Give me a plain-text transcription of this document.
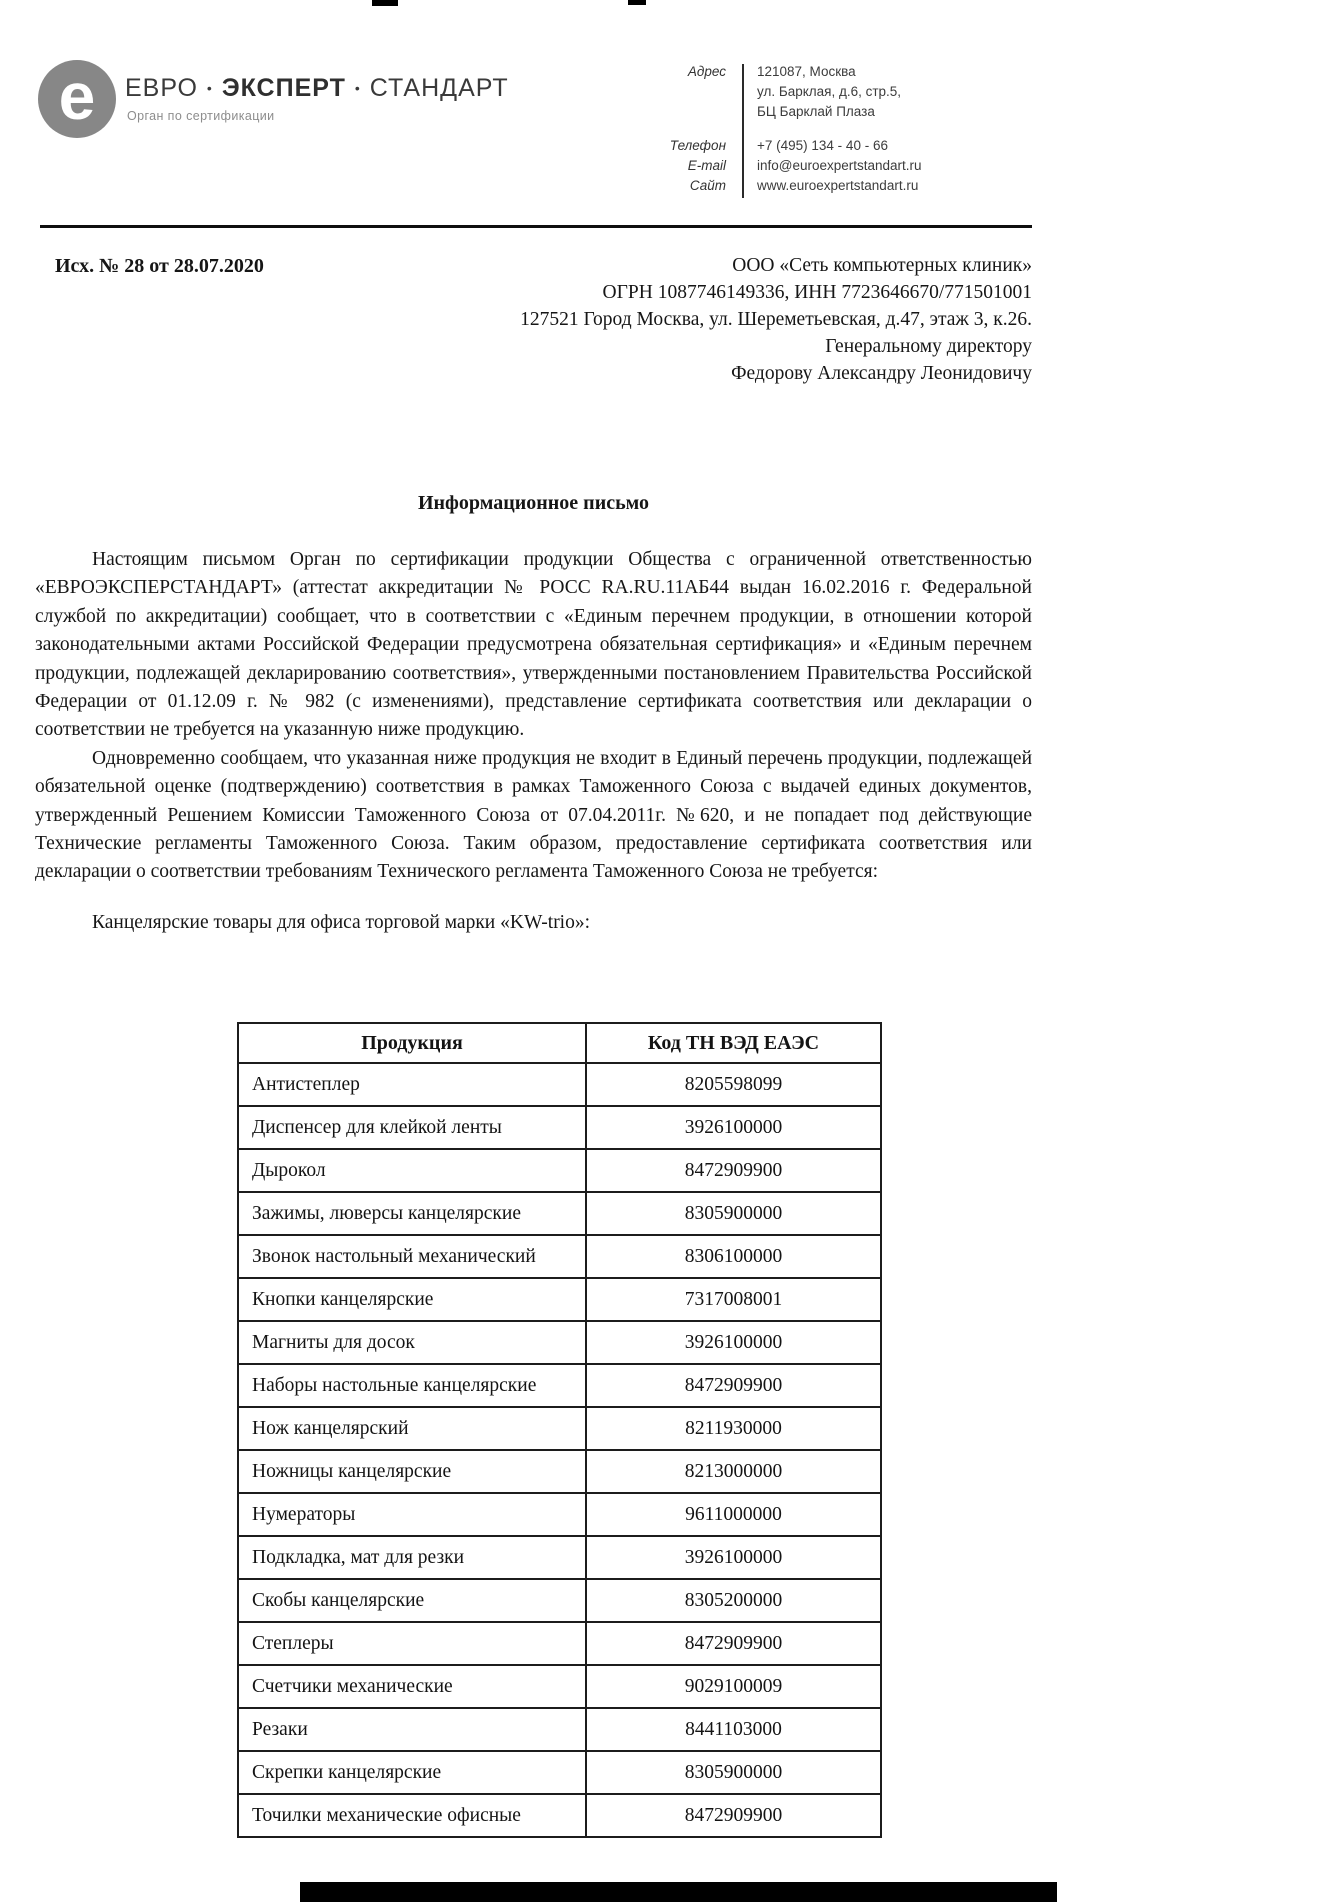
е ЕВРО • ЭКСПЕРТ • СТАНДАРТ
Орган по сертификации
Адрес 121087, Москва
ул. Барклая, д.6, стр.5,
БЦ Барклай Плаза
Телефон +7 (495) 134 - 40 - 66
E-mail info@euroexpertstandart.ru
Сайт www.euroexpertstandart.ru
Исх. № 28 от 28.07.2020	ООО «Сеть компьютерных клиник»
ОГРН 1087746149336, ИНН 7723646670/771501001
127521 Город Москва, ул. Шереметьевская, д.47, этаж 3, к.26.
Генеральному директору
Федорову Александру Леонидовичу
Информационное письмо

Настоящим письмом Орган по сертификации продукции Общества с ограниченной ответственностью «ЕВРОЭКСПЕРСТАНДАРТ» (аттестат аккредитации № РОСС RA.RU.11АБ44 выдан 16.02.2016 г. Федеральной службой по аккредитации) сообщает, что в соответствии с «Единым перечнем продукции, в отношении которой законодательными актами Российской Федерации предусмотрена обязательная сертификация» и «Единым перечнем продукции, подлежащей декларированию соответствия», утвержденными постановлением Правительства Российской Федерации от 01.12.09 г. № 982 (с изменениями), представление сертификата соответствия или декларации о соответствии не требуется на указанную ниже продукцию.

Одновременно сообщаем, что указанная ниже продукция не входит в Единый перечень продукции, подлежащей обязательной оценке (подтверждению) соответствия в рамках Таможенного Союза с выдачей единых документов, утвержденный Решением Комиссии Таможенного Союза от 07.04.2011г. №620, и не попадает под действующие Технические регламенты Таможенного Союза. Таким образом, предоставление сертификата соответствия или декларации о соответствии требованиям Технического регламента Таможенного Союза не требуется:

Канцелярские товары для офиса торговой марки «KW-trio»:

Продукция	Код ТН ВЭД ЕАЭС
Антистеплер	8205598099
Диспенсер для клейкой ленты	3926100000
Дырокол	8472909900
Зажимы, люверсы канцелярские	8305900000
Звонок настольный механический	8306100000
Кнопки канцелярские	7317008001
Магниты для досок	3926100000
Наборы настольные канцелярские	8472909900
Нож канцелярский	8211930000
Ножницы канцелярские	8213000000
Нумераторы	9611000000
Подкладка, мат для резки	3926100000
Скобы канцелярские	8305200000
Степлеры	8472909900
Счетчики механические	9029100009
Резаки	8441103000
Скрепки канцелярские	8305900000
Точилки механические офисные	8472909900
